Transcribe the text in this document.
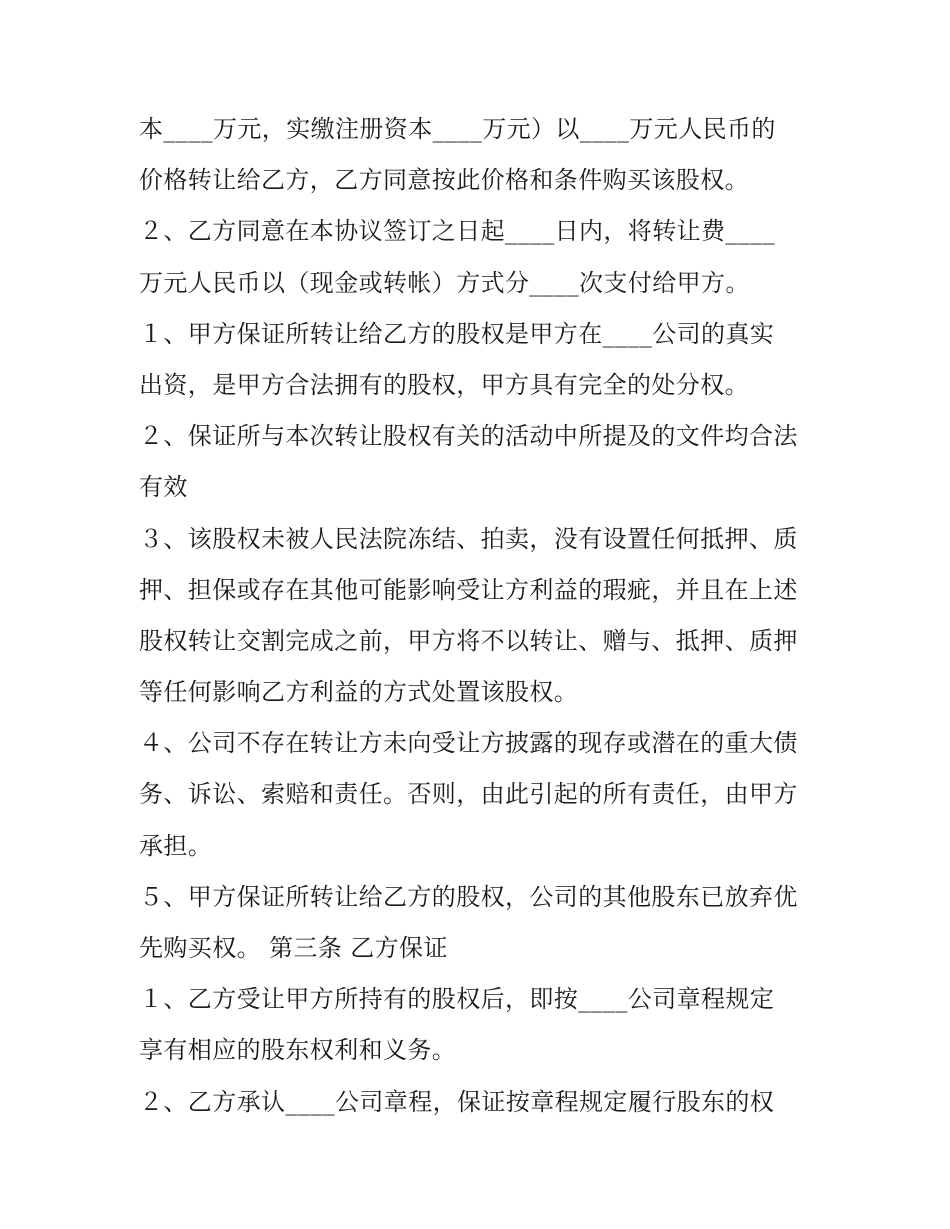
本____万元，实缴注册资本____万元）以____万元人民币的
价格转让给乙方，乙方同意按此价格和条件购买该股权。
２、乙方同意在本协议签订之日起____日内，将转让费____
万元人民币以（现金或转帐）方式分____次支付给甲方。
１、甲方保证所转让给乙方的股权是甲方在____公司的真实
出资，是甲方合法拥有的股权，甲方具有完全的处分权。
２、保证所与本次转让股权有关的活动中所提及的文件均合法
有效
３、该股权未被人民法院冻结、拍卖，没有设置任何抵押、质
押、担保或存在其他可能影响受让方利益的瑕疵，并且在上述
股权转让交割完成之前，甲方将不以转让、赠与、抵押、质押
等任何影响乙方利益的方式处置该股权。
４、公司不存在转让方未向受让方披露的现存或潜在的重大债
务、诉讼、索赔和责任。否则，由此引起的所有责任，由甲方
承担。
５、甲方保证所转让给乙方的股权，公司的其他股东已放弃优
先购买权。 第三条 乙方保证
１、乙方受让甲方所持有的股权后，即按____公司章程规定
享有相应的股东权利和义务。
２、乙方承认____公司章程，保证按章程规定履行股东的权
